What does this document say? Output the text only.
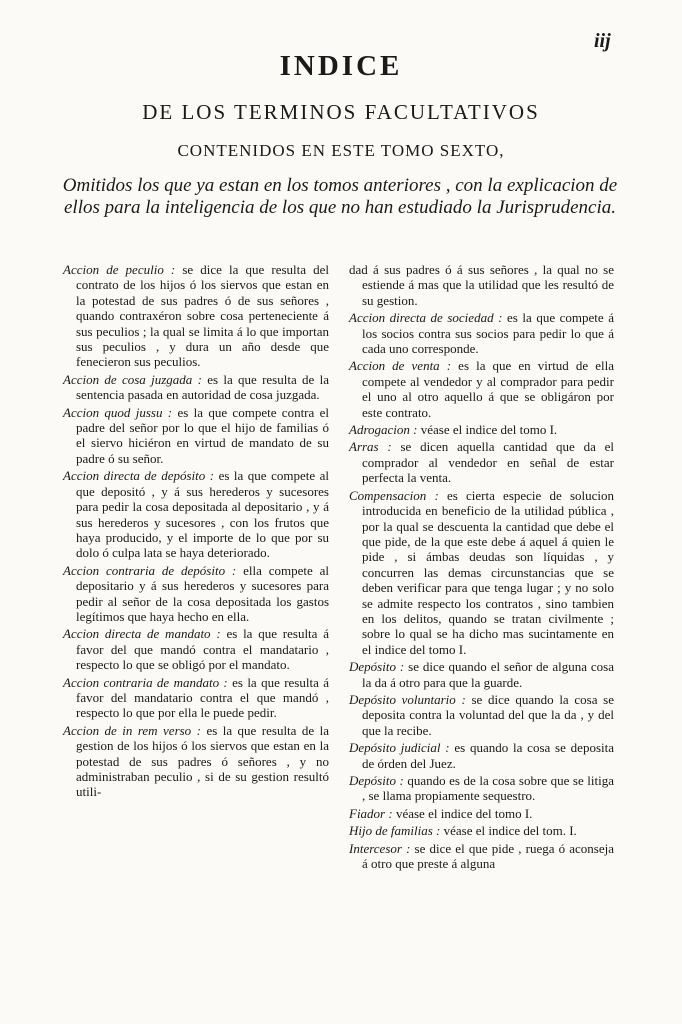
iij
INDICE
DE LOS TERMINOS FACULTATIVOS
CONTENIDOS EN ESTE TOMO SEXTO,
Omitidos los que ya estan en los tomos anteriores , con la explicacion de ellos para la inteligencia de los que no han estudiado la Jurisprudencia.

Accion de peculio : se dice la que resulta del contrato de los hijos ó los siervos que estan en la potestad de sus padres ó de sus señores , quando contraxéron sobre cosa perteneciente á sus peculios ; la qual se limita á lo que importan sus peculios , y dura un año desde que fenecieron sus peculios.

Accion de cosa juzgada : es la que resulta de la sentencia pasada en autoridad de cosa juzgada.

Accion quod jussu : es la que compete contra el padre del señor por lo que el hijo de familias ó el siervo hiciéron en virtud de mandato de su padre ó su señor.

Accion directa de depósito : es la que compete al que depositó , y á sus herederos y sucesores para pedir la cosa depositada al depositario , y á sus herederos y sucesores , con los frutos que haya producido, y el importe de lo que por su dolo ó culpa lata se haya deteriorado.

Accion contraria de depósito : ella compete al depositario y á sus herederos y sucesores para pedir al señor de la cosa depositada los gastos legítimos que haya hecho en ella.

Accion directa de mandato : es la que resulta á favor del que mandó contra el mandatario , respecto lo que se obligó por el mandato.

Accion contraria de mandato : es la que resulta á favor del mandatario contra el que mandó , respecto lo que por ella le puede pedir.

Accion de in rem verso : es la que resulta de la gestion de los hijos ó los siervos que estan en la potestad de sus padres ó señores , y no administraban peculio , si de su gestion resultó utili-

dad á sus padres ó á sus señores , la qual no se estiende á mas que la utilidad que les resultó de su gestion.

Accion directa de sociedad : es la que compete á los socios contra sus socios para pedir lo que á cada uno corresponde.

Accion de venta : es la que en virtud de ella compete al vendedor y al comprador para pedir el uno al otro aquello á que se obligáron por este contrato.

Adrogacion : véase el indice del tomo I.

Arras : se dicen aquella cantidad que da el comprador al vendedor en señal de estar perfecta la venta.

Compensacion : es cierta especie de solucion introducida en beneficio de la utilidad pública , por la qual se descuenta la cantidad que debe el que pide, de la que este debe á aquel á quien le pide , si ámbas deudas son líquidas , y concurren las demas circunstancias que se deben verificar para que tenga lugar ; y no solo se admite respecto los contratos , sino tambien en los delitos, quando se tratan civilmente ; sobre lo qual se ha dicho mas sucintamente en el indice del tomo I.

Depósito : se dice quando el señor de alguna cosa la da á otro para que la guarde.

Depósito voluntario : se dice quando la cosa se deposita contra la voluntad del que la da , y del que la recibe.

Depósito judicial : es quando la cosa se deposita de órden del Juez.

Depósito : quando es de la cosa sobre que se litiga , se llama propiamente sequestro.

Fiador : véase el indice del tomo I.

Hijo de familias : véase el indice del tom. I.

Intercesor : se dice el que pide , ruega ó aconseja á otro que preste á alguna
